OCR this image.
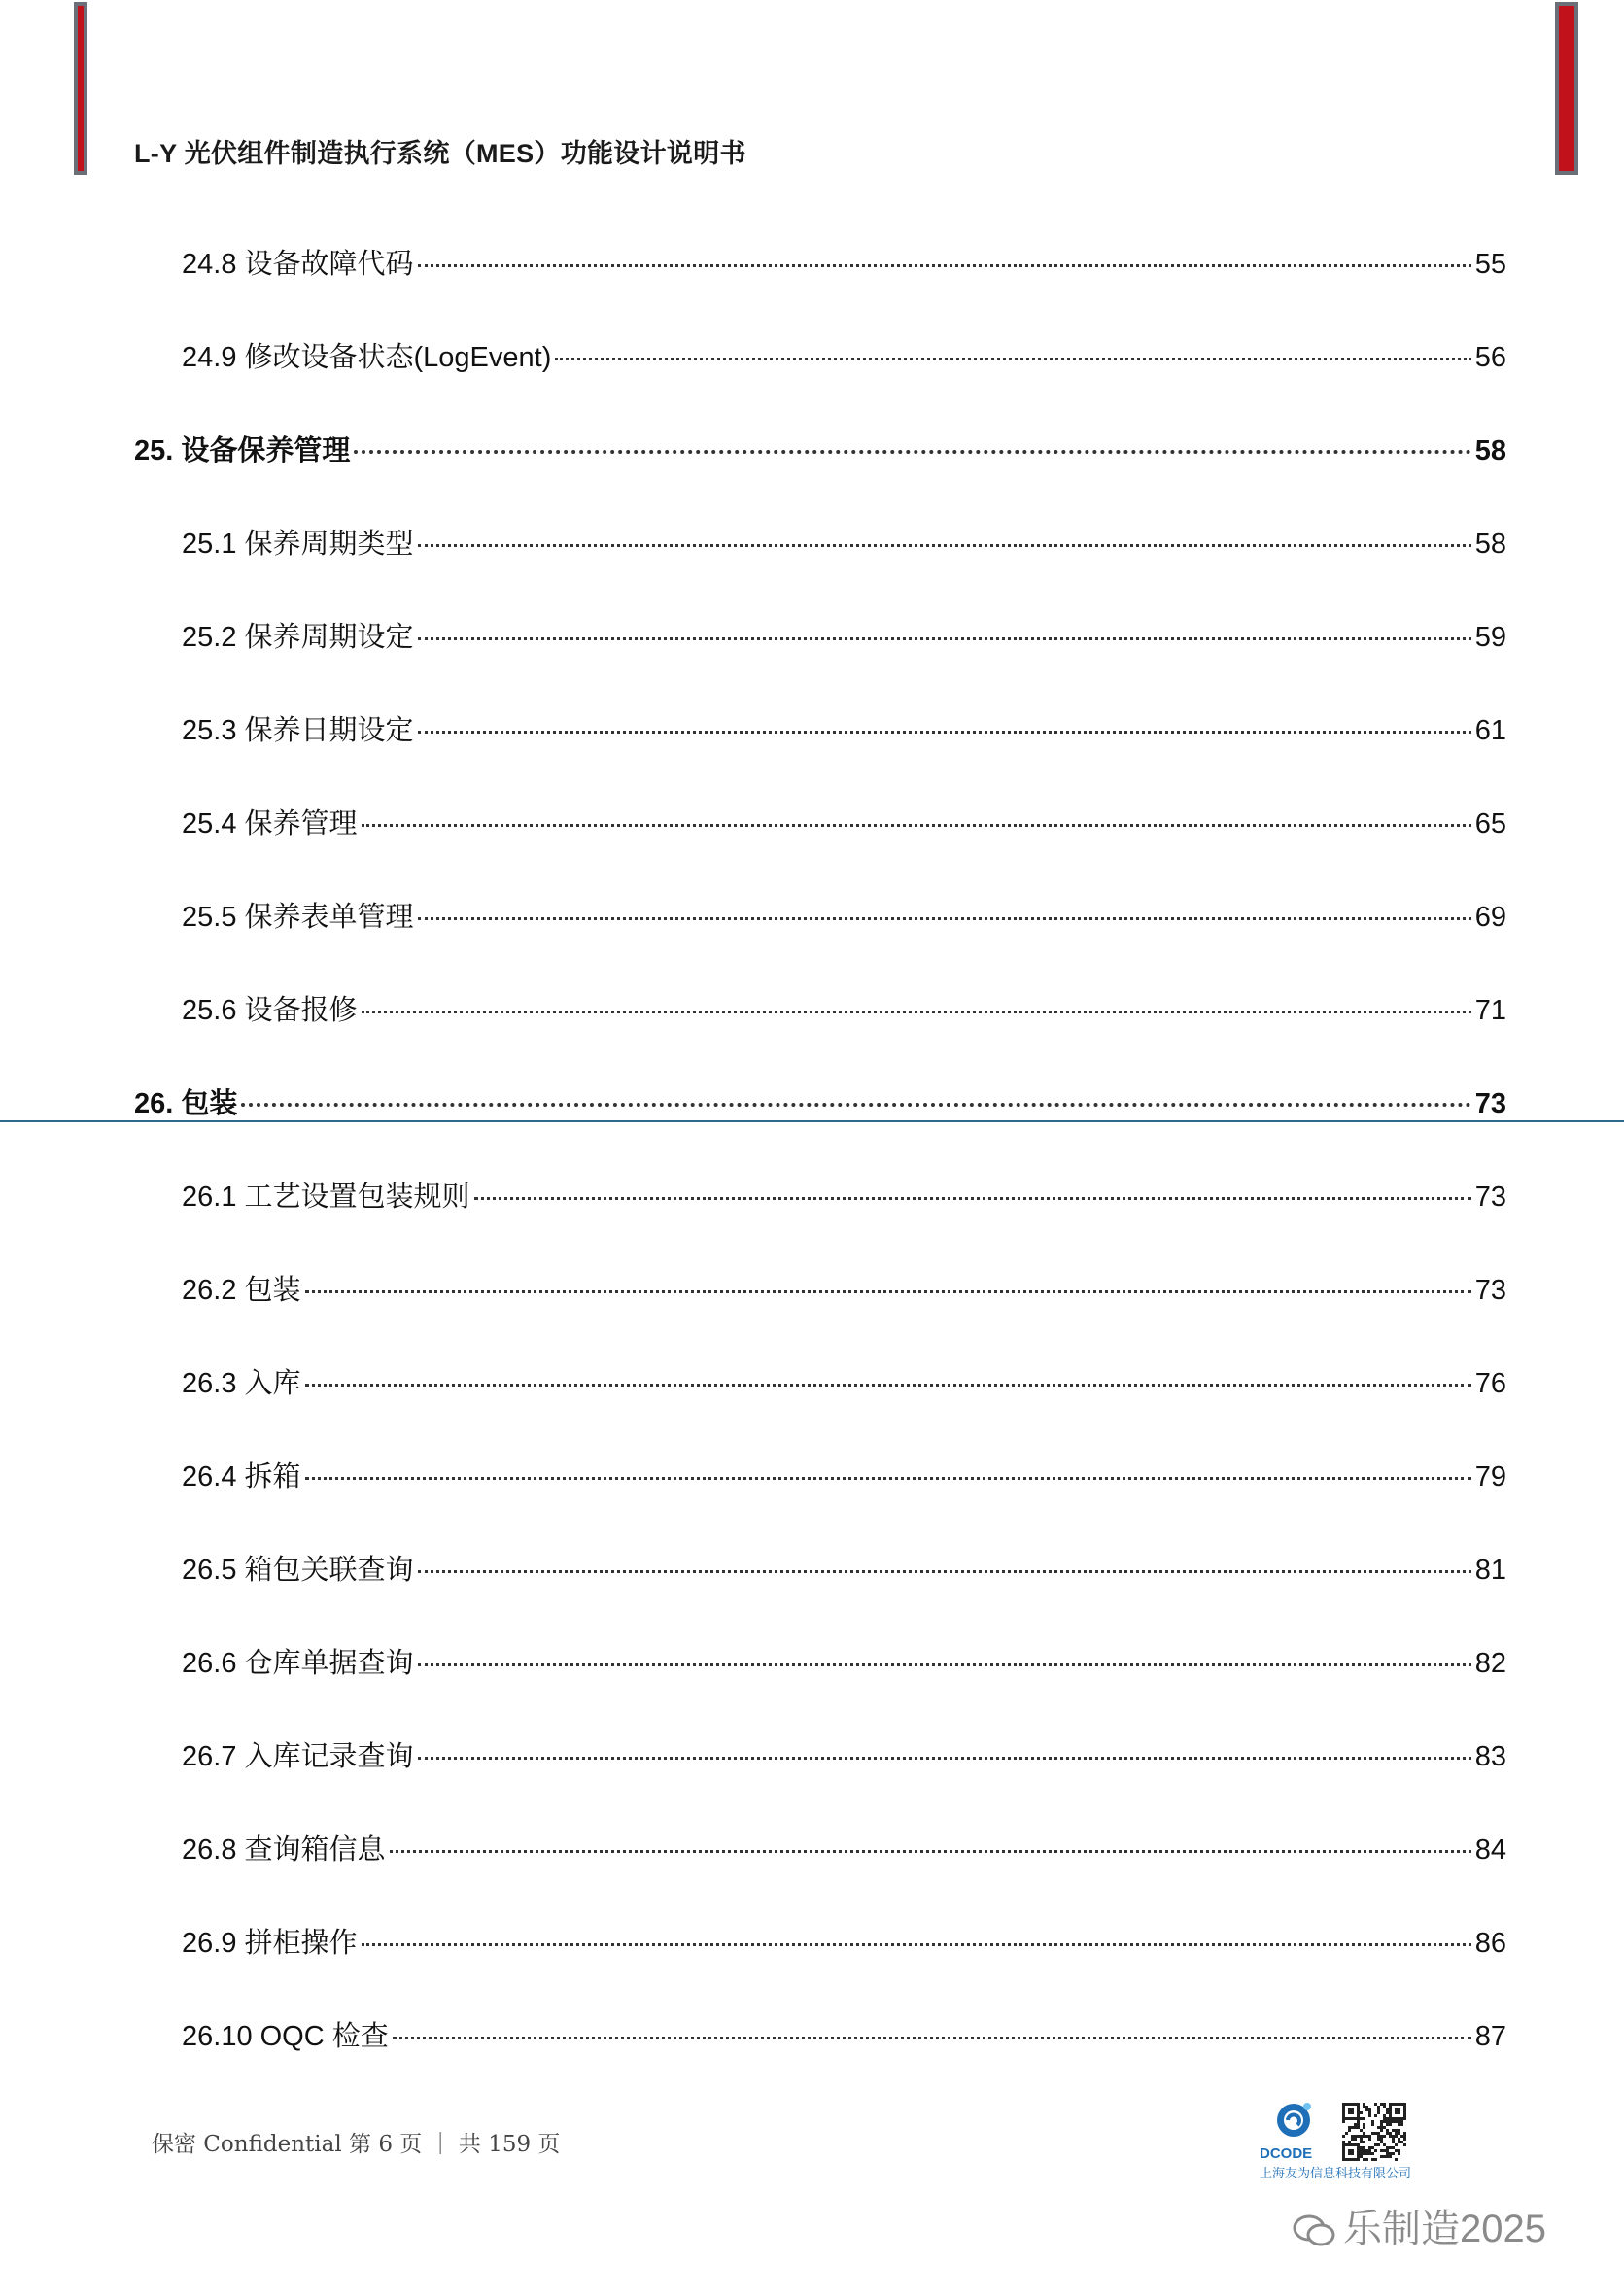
L-Y 光伏组件制造执行系统（MES）功能设计说明书
24.8 设备故障代码	55
24.9 修改设备状态(LogEvent)	56
25. 设备保养管理	58
25.1 保养周期类型	58
25.2 保养周期设定	59
25.3 保养日期设定	61
25.4 保养管理	65
25.5 保养表单管理	69
25.6 设备报修	71
26. 包装	73
26.1 工艺设置包装规则	73
26.2 包装	73
26.3 入库	76
26.4 拆箱	79
26.5 箱包关联查询	81
26.6 仓库单据查询	82
26.7 入库记录查询	83
26.8 查询箱信息	84
26.9 拼柜操作	86
26.10 OQC 检查	87
保密 Confidential 第 6 页 ｜ 共 159 页	DCODE
上海友为信息科技有限公司
乐制造2025
